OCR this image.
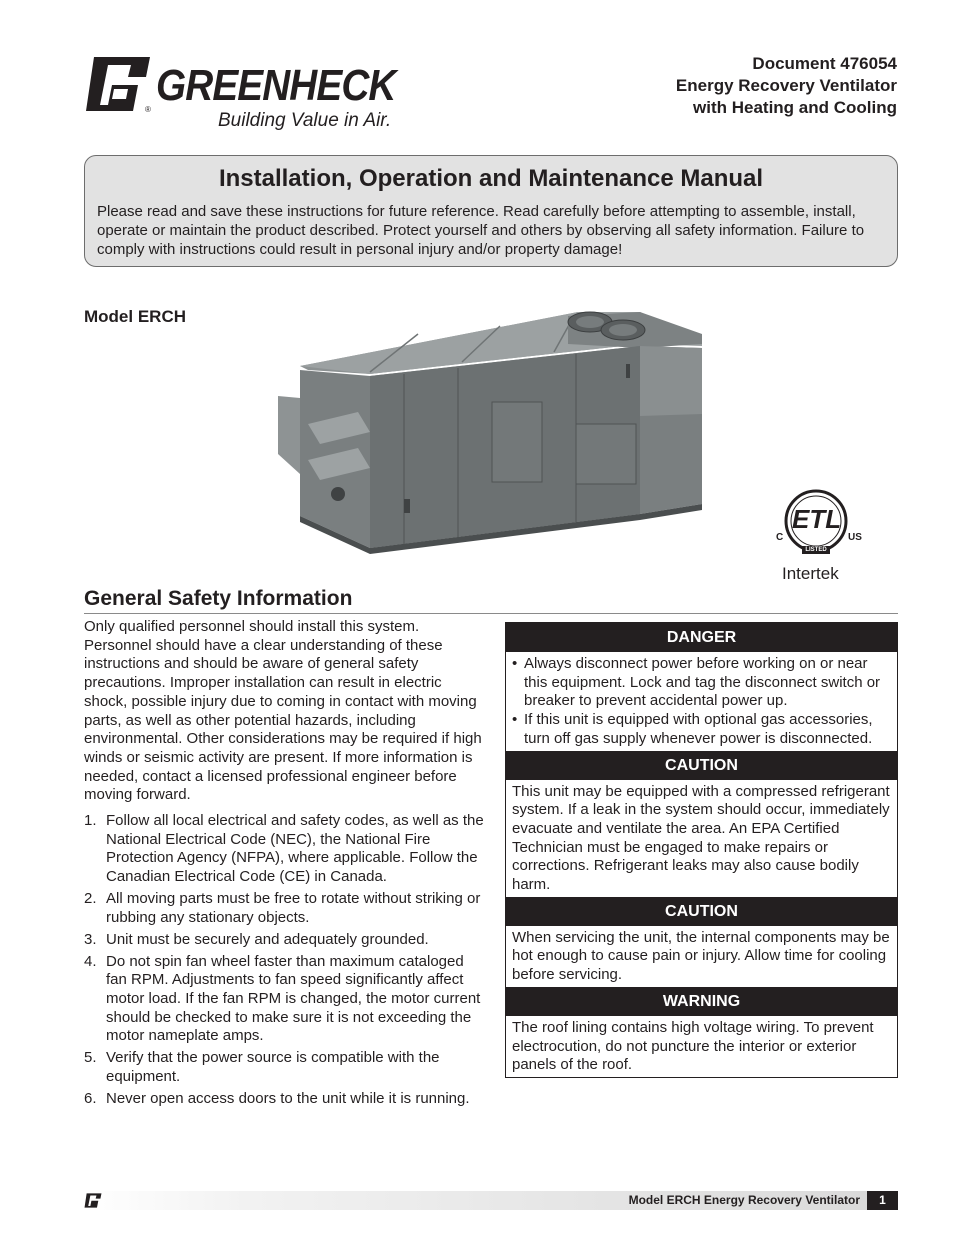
® GREENHECK
Building Value in Air.
Document 476054
Energy Recovery Ventilator
with Heating and Cooling
Installation, Operation and Maintenance Manual

Please read and save these instructions for future reference. Read carefully before attempting to assemble, install, operate or maintain the product described. Protect yourself and others by observing all safety information. Failure to comply with instructions could result in personal injury and/or property damage!

Model ERCH
ETL
LISTED
C	US
Intertek
General Safety Information

Only qualified personnel should install this system. Personnel should have a clear understanding of these instructions and should be aware of general safety precautions. Improper installation can result in electric shock, possible injury due to coming in contact with moving parts, as well as other potential hazards, including environmental. Other considerations may be required if high winds or seismic activity are present. If more information is needed, contact a licensed professional engineer before moving forward.

1. Follow all local electrical and safety codes, as well as the National Electrical Code (NEC), the National Fire Protection Agency (NFPA), where applicable. Follow the Canadian Electrical Code (CE) in Canada.
2. All moving parts must be free to rotate without striking or rubbing any stationary objects.
3. Unit must be securely and adequately grounded.
4. Do not spin fan wheel faster than maximum cataloged fan RPM. Adjustments to fan speed significantly affect motor load. If the fan RPM is changed, the motor current should be checked to make sure it is not exceeding the motor nameplate amps.
5. Verify that the power source is compatible with the equipment.
6. Never open access doors to the unit while it is running.
DANGER
• Always disconnect power before working on or near this equipment. Lock and tag the disconnect switch or breaker to prevent accidental power up.
• If this unit is equipped with optional gas accessories, turn off gas supply whenever power is disconnected.
CAUTION
This unit may be equipped with a compressed refrigerant system. If a leak in the system should occur, immediately evacuate and ventilate the area. An EPA Certified Technician must be engaged to make repairs or corrections. Refrigerant leaks may also cause bodily harm.
CAUTION
When servicing the unit, the internal components may be hot enough to cause pain or injury. Allow time for cooling before servicing.
WARNING
The roof lining contains high voltage wiring. To prevent electrocution, do not puncture the interior or exterior panels of the roof.
Model ERCH Energy Recovery Ventilator	1
